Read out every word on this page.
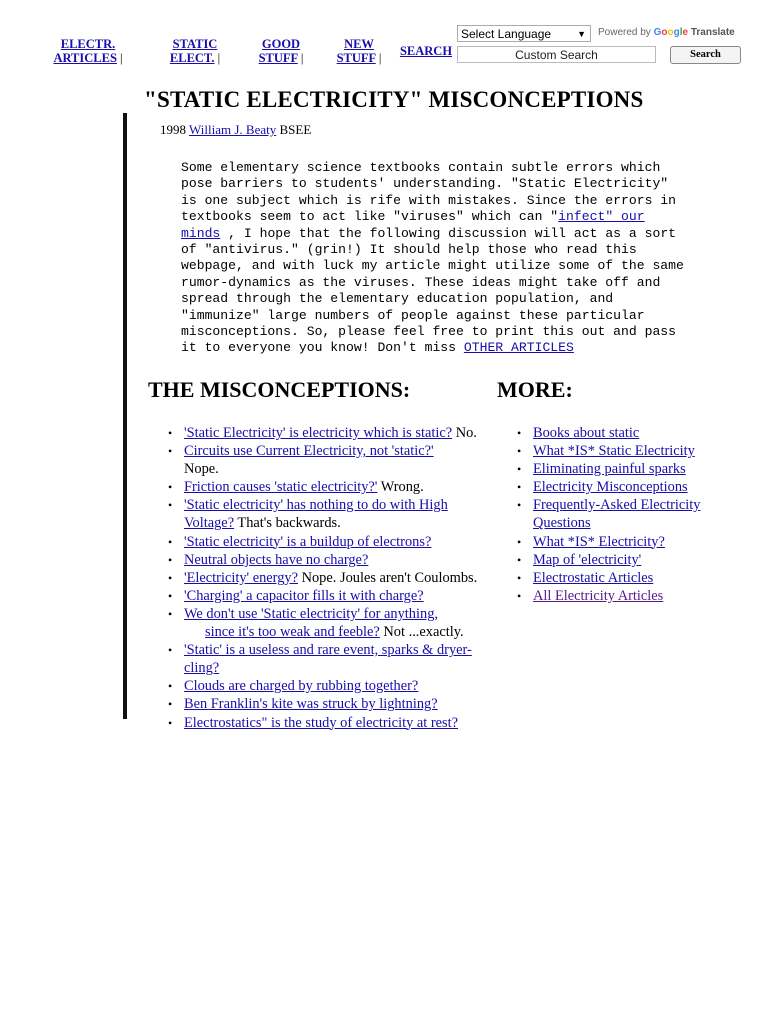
ELECTR.
ARTICLES |
STATIC
ELECT. |
GOOD
STUFF |
NEW
STUFF | SEARCH
Select Language	▼ Powered by Google Translate
Custom Search	Search
"STATIC ELECTRICITY" MISCONCEPTIONS
1998 William J. Beaty BSEE
Some elementary science textbooks contain subtle errors which
pose barriers to students' understanding. "Static Electricity"
is one subject which is rife with mistakes. Since the errors in
textbooks seem to act like "viruses" which can "infect" our
minds , I hope that the following discussion will act as a sort
of "antivirus." (grin!) It should help those who read this
webpage, and with luck my article might utilize some of the same
rumor-dynamics as the viruses. These ideas might take off and
spread through the elementary education population, and
"immunize" large numbers of people against these particular
misconceptions. So, please feel free to print this out and pass
it to everyone you know! Don't miss OTHER ARTICLES
THE MISCONCEPTIONS:	MORE:
• 'Static Electricity' is electricity which is static? No.
• Circuits use Current Electricity, not 'static?'
Nope.
• Friction causes 'static electricity?' Wrong.
• 'Static electricity' has nothing to do with High Voltage? That's backwards.
• 'Static electricity' is a buildup of electrons?
• Neutral objects have no charge?
• 'Electricity' energy? Nope. Joules aren't Coulombs.
• 'Charging' a capacitor fills it with charge?
• We don't use 'Static electricity' for anything,
since it's too weak and feeble? Not ...exactly.
• 'Static' is a useless and rare event, sparks & dryer-cling?
• Clouds are charged by rubbing together?
• Ben Franklin's kite was struck by lightning?
• Electrostatics" is the study of electricity at rest?
• Books about static
• What *IS* Static Electricity
• Eliminating painful sparks
• Electricity Misconceptions
• Frequently-Asked Electricity Questions
• What *IS* Electricity?
• Map of 'electricity'
• Electrostatic Articles
• All Electricity Articles
